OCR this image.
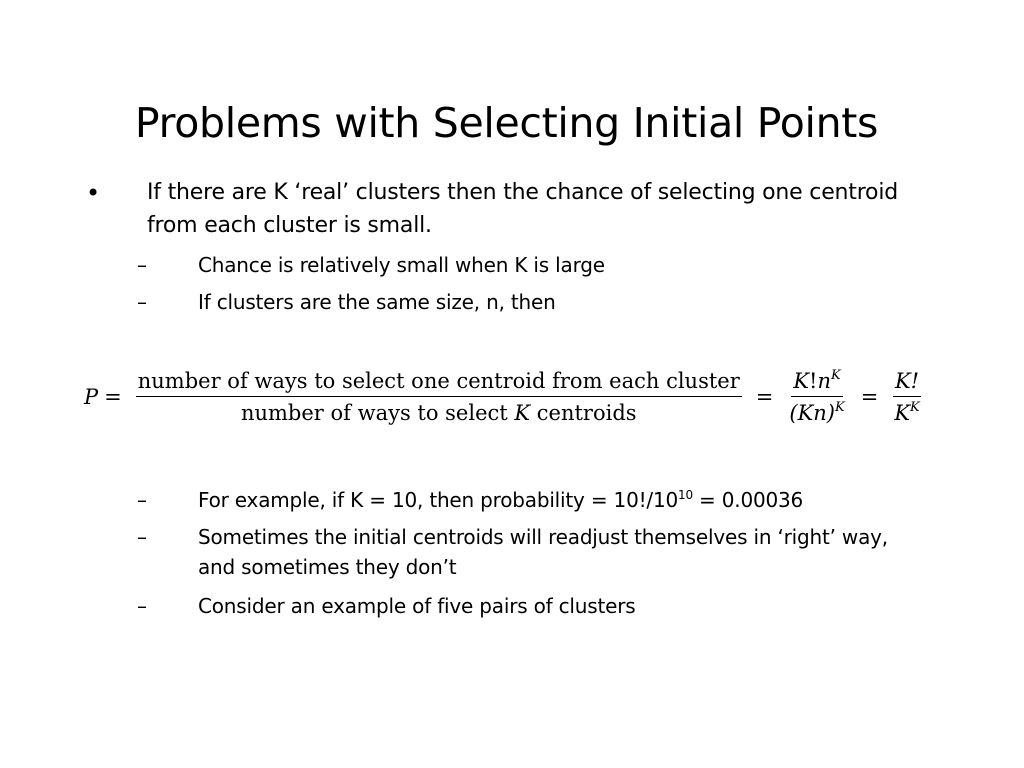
Problems with Selecting Initial Points
• If there are K ‘real’ clusters then the chance of selecting one centroid from each cluster is small.
–	Chance is relatively small when K is large
–	If clusters are the same size, n, then
$P = \frac{\text{number of ways to select one centroid from each cluster}}{\text{number of ways to select K centroids}} = \frac{K!n^K}{(Kn)^K} = \frac{K!}{K^K}$
–	For example, if K = 10, then probability = $10!/10^{10} = 0.00036$
–	Sometimes the initial centroids will readjust themselves in ‘right’ way, and sometimes they don’t
–	Consider an example of five pairs of clusters
